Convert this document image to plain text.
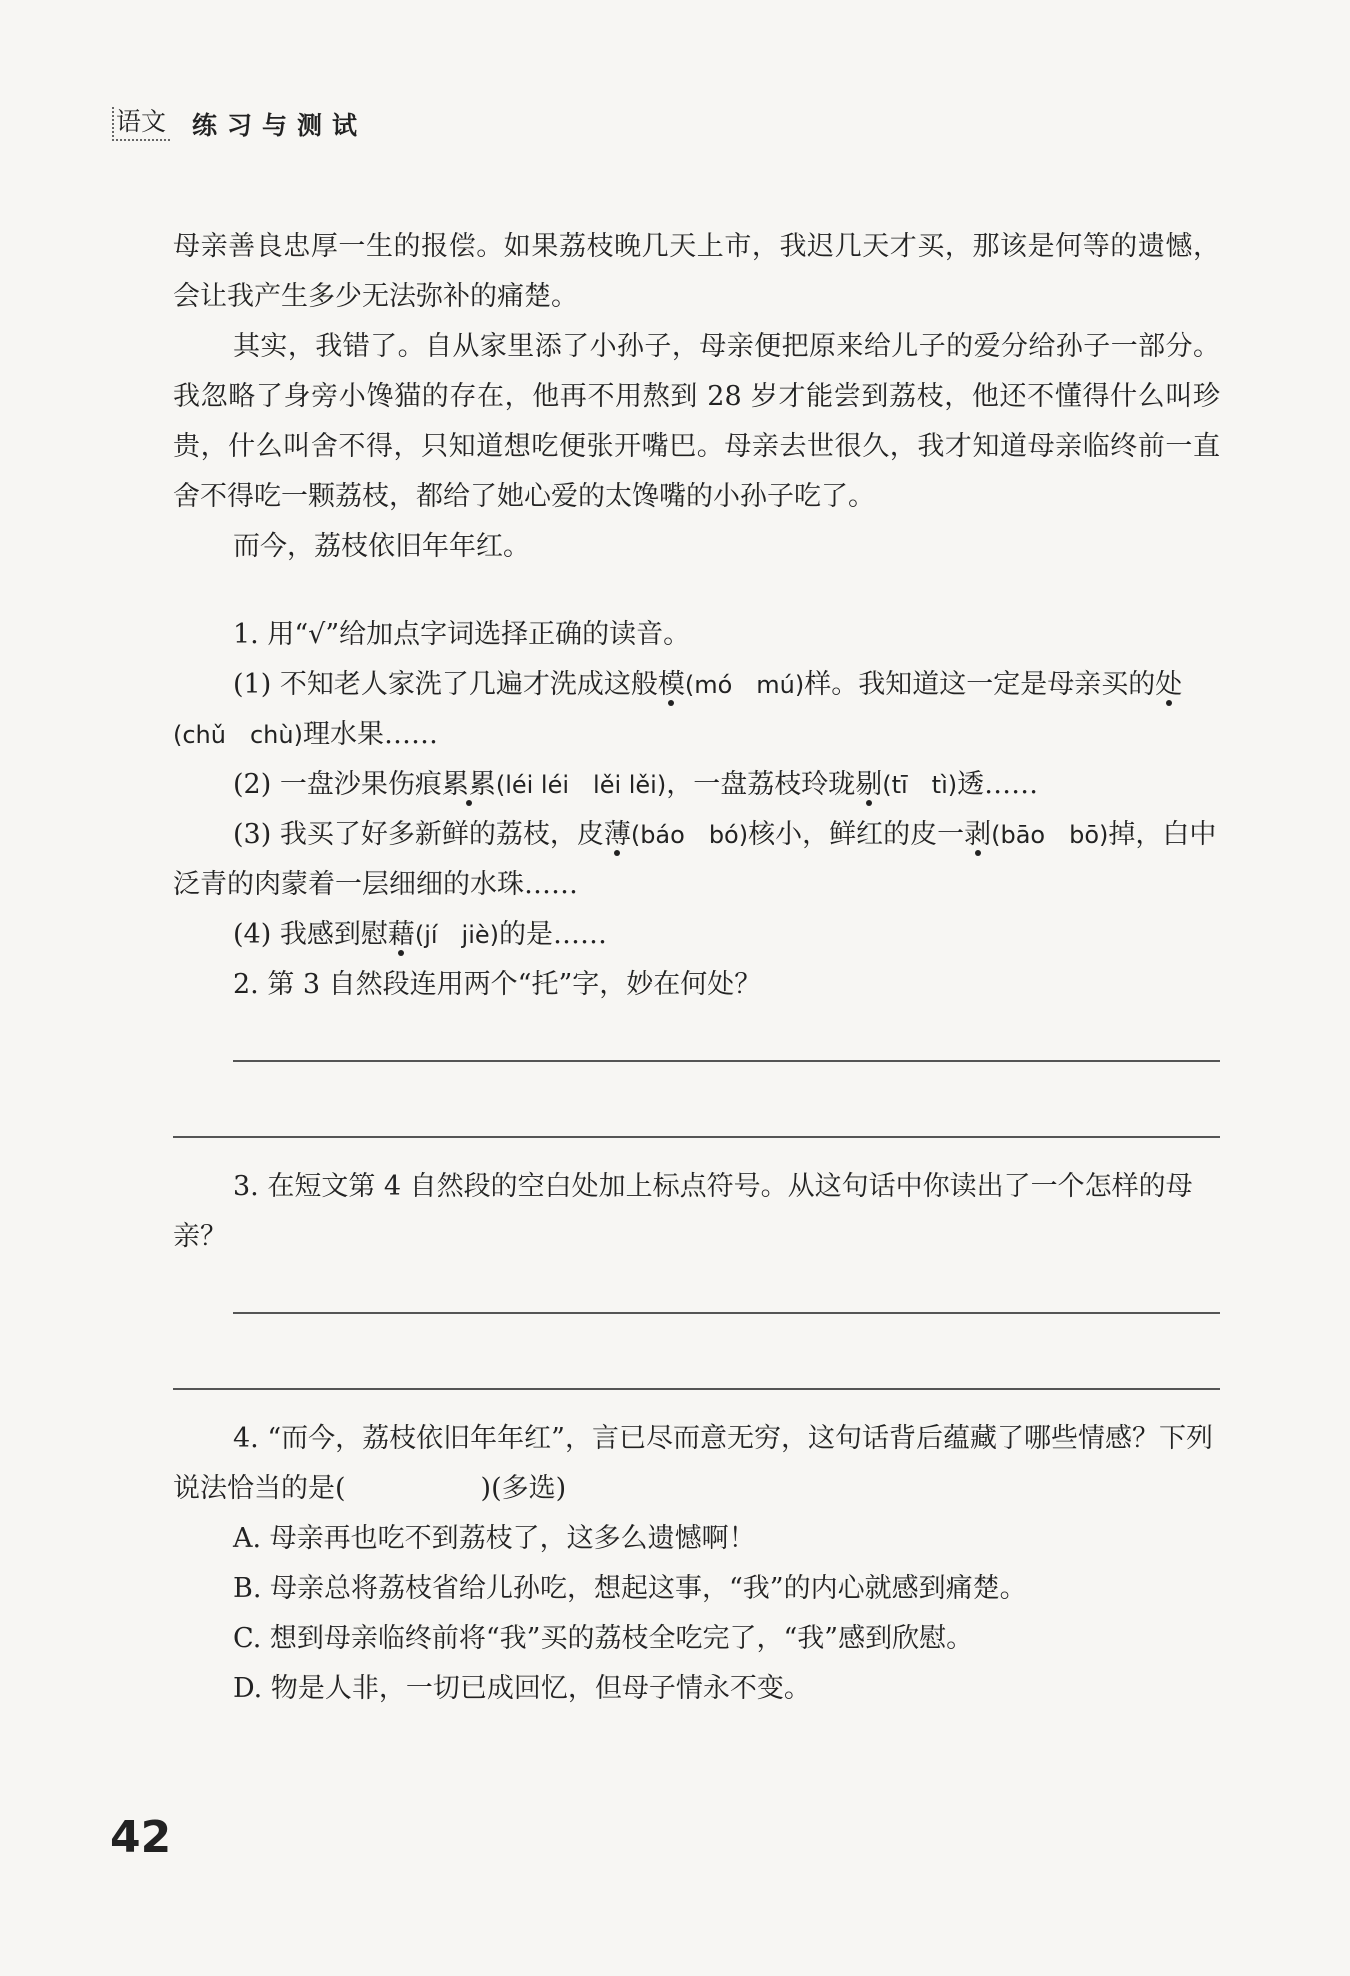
语文 练习与测试

母亲善良忠厚一生的报偿。如果荔枝晚几天上市，我迟几天才买，那该是何等的遗憾，会让我产生多少无法弥补的痛楚。

其实，我错了。自从家里添了小孙子，母亲便把原来给儿子的爱分给孙子一部分。我忽略了身旁小馋猫的存在，他再不用熬到 28 岁才能尝到荔枝，他还不懂得什么叫珍贵，什么叫舍不得，只知道想吃便张开嘴巴。母亲去世很久，我才知道母亲临终前一直舍不得吃一颗荔枝，都给了她心爱的太馋嘴的小孙子吃了。

而今，荔枝依旧年年红。

1. 用“√”给加点字词选择正确的读音。

(1) 不知老人家洗了几遍才洗成这般模(mó　mú)样。我知道这一定是母亲买的处(chǔ　chù)理水果……

(2) 一盘沙果伤痕累累(léi léi　lěi lěi)，一盘荔枝玲珑剔(tī　tì)透……

(3) 我买了好多新鲜的荔枝，皮薄(báo　bó)核小，鲜红的皮一剥(bāo　bō)掉，白中泛青的肉蒙着一层细细的水珠……

(4) 我感到慰藉(jí　jiè)的是……

2. 第 3 自然段连用两个“托”字，妙在何处？

3. 在短文第 4 自然段的空白处加上标点符号。从这句话中你读出了一个怎样的母亲？

4. “而今，荔枝依旧年年红”，言已尽而意无穷，这句话背后蕴藏了哪些情感？下列说法恰当的是(　　　　　)(多选)

A. 母亲再也吃不到荔枝了，这多么遗憾啊！

B. 母亲总将荔枝省给儿孙吃，想起这事，“我”的内心就感到痛楚。

C. 想到母亲临终前将“我”买的荔枝全吃完了，“我”感到欣慰。

D. 物是人非，一切已成回忆，但母子情永不变。

42
